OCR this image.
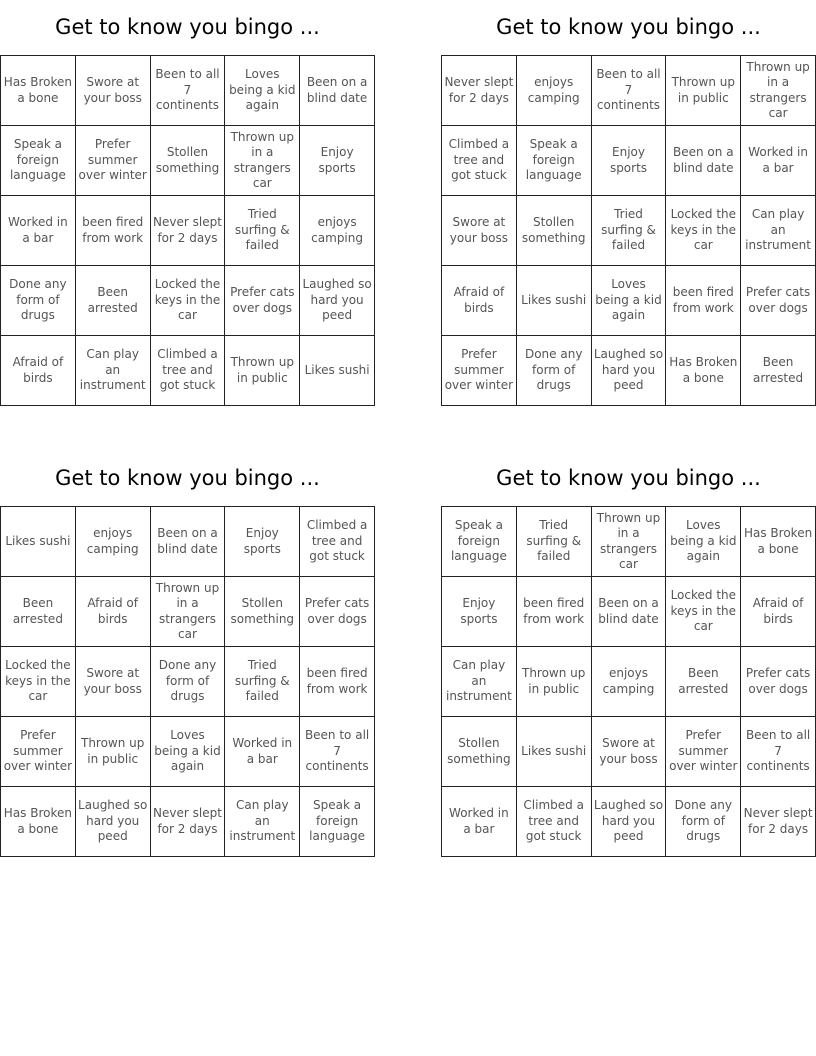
Get to know you bingo ...
Has Broken a bone
Swore at your boss
Been to all 7 continents
Loves being a kid again
Been on a blind date
Speak a foreign language
Prefer summer over winter
Stollen something
Thrown up in a strangers car
Enjoy sports
Worked in a bar
been fired from work
Never slept for 2 days
Tried surfing & failed
enjoys camping
Done any form of drugs
Been arrested
Locked the keys in the car
Prefer cats over dogs
Laughed so hard you peed
Afraid of birds
Can play an instrument
Climbed a tree and got stuck
Thrown up in public
Likes sushi
Get to know you bingo ...
Never slept for 2 days
enjoys camping
Been to all 7 continents
Thrown up in public
Thrown up in a strangers car
Climbed a tree and got stuck
Speak a foreign language
Enjoy sports
Been on a blind date
Worked in a bar
Swore at your boss
Stollen something
Tried surfing & failed
Locked the keys in the car
Can play an instrument
Afraid of birds
Likes sushi
Loves being a kid again
been fired from work
Prefer cats over dogs
Prefer summer over winter
Done any form of drugs
Laughed so hard you peed
Has Broken a bone
Been arrested
Get to know you bingo ...
Likes sushi
enjoys camping
Been on a blind date
Enjoy sports
Climbed a tree and got stuck
Been arrested
Afraid of birds
Thrown up in a strangers car
Stollen something
Prefer cats over dogs
Locked the keys in the car
Swore at your boss
Done any form of drugs
Tried surfing & failed
been fired from work
Prefer summer over winter
Thrown up in public
Loves being a kid again
Worked in a bar
Been to all 7 continents
Has Broken a bone
Laughed so hard you peed
Never slept for 2 days
Can play an instrument
Speak a foreign language
Get to know you bingo ...
Speak a foreign language
Tried surfing & failed
Thrown up in a strangers car
Loves being a kid again
Has Broken a bone
Enjoy sports
been fired from work
Been on a blind date
Locked the keys in the car
Afraid of birds
Can play an instrument
Thrown up in public
enjoys camping
Been arrested
Prefer cats over dogs
Stollen something
Likes sushi
Swore at your boss
Prefer summer over winter
Been to all 7 continents
Worked in a bar
Climbed a tree and got stuck
Laughed so hard you peed
Done any form of drugs
Never slept for 2 days
